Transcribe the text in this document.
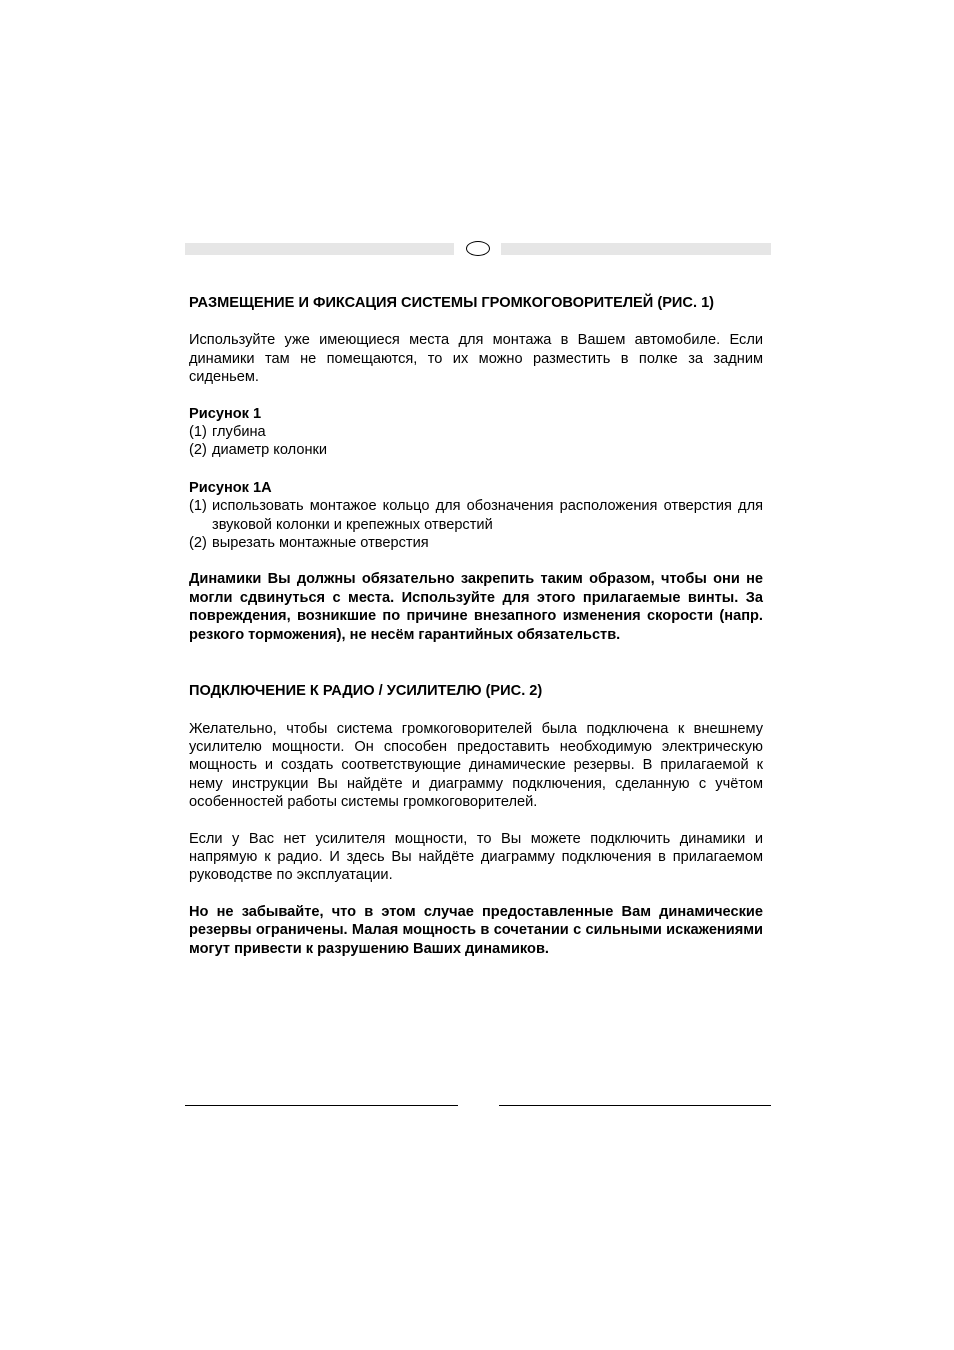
РАЗМЕЩЕНИЕ И ФИКСАЦИЯ СИСТЕМЫ ГРОМКОГОВОРИТЕЛЕЙ (РИС. 1)

Используйте уже имеющиеся места для монтажа в Вашем автомобиле. Если динамики там не помещаются, то их можно разместить в полке за задним сиденьем.

Рисунок 1
(1) глубина
(2) диаметр колонки
Рисунок 1А
(1) использовать монтажое кольцо для обозначения расположения отверстия для звуковой колонки и крепежных отверстий
(2) вырезать монтажные отверстия

Динамики Вы должны обязательно закрепить таким образом, чтобы они не могли сдвинуться с места. Используйте для этого прилагаемые винты. За повреждения, возникшие по причине внезапного изменения скорости (напр. резкого торможения), не несём гарантийных обязательств.

ПОДКЛЮЧЕНИЕ К РАДИО / УСИЛИТЕЛЮ (РИС. 2)

Желательно, чтобы система громкоговорителей была подключена к внешнему усилителю мощности. Он способен предоставить необходимую электрическую мощность и создать соответствующие динамические резервы. В прилагаемой к нему инструкции Вы найдёте и диаграмму подключения, сделанную с учётом особенностей работы системы громкоговорителей.

Если у Вас нет усилителя мощности, то Вы можете подключить динамики и напрямую к радио. И здесь Вы найдёте диаграмму подключения в прилагаемом руководстве по эксплуатации.

Но не забывайте, что в этом случае предоставленные Вам динамические резервы ограничены. Малая мощность в сочетании с сильными искажениями могут привести к разрушению Ваших динамиков.
